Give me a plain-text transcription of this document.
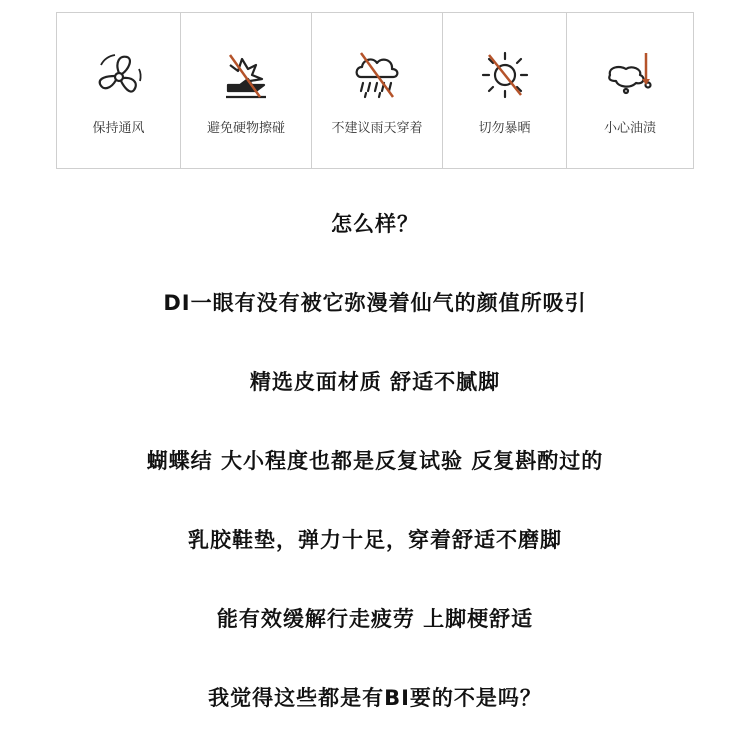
保持通风	避免硬物擦碰	不建议雨天穿着	切勿暴晒	小心油渍
怎么样？
DI一眼有没有被它弥漫着仙气的颜值所吸引
精选皮面材质 舒适不腻脚
蝴蝶结 大小程度也都是反复试验 反复斟酌过的
乳胶鞋垫，弹力十足，穿着舒适不磨脚
能有效缓解行走疲劳 上脚梗舒适
我觉得这些都是有BI要的不是吗？
